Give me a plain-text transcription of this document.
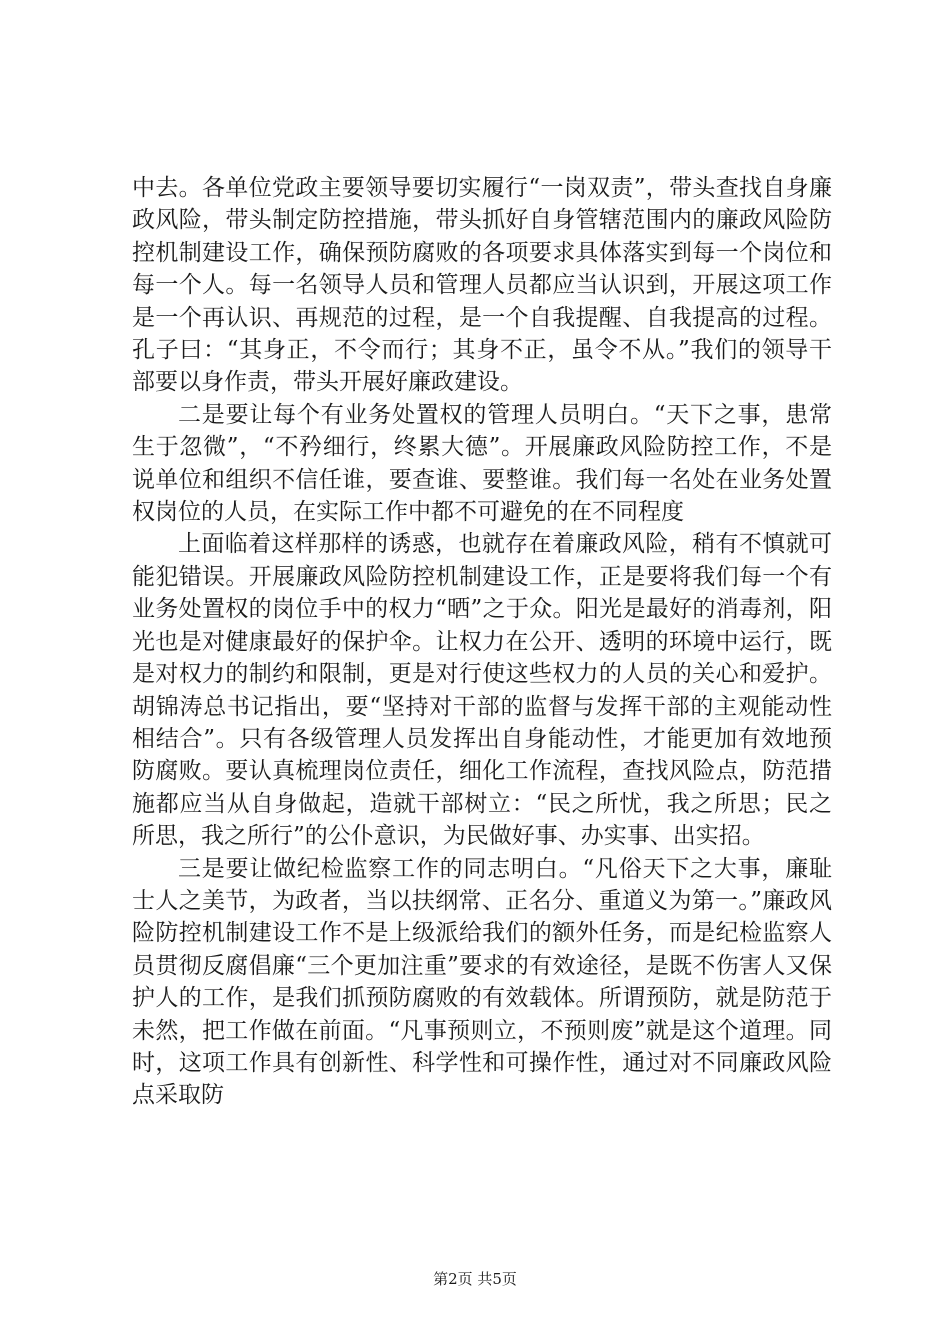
中去。各单位党政主要领导要切实履行“一岗双责”，带头查找自身廉政风险，带头制定防控措施，带头抓好自身管辖范围内的廉政风险防控机制建设工作，确保预防腐败的各项要求具体落实到每一个岗位和每一个人。每一名领导人员和管理人员都应当认识到，开展这项工作是一个再认识、再规范的过程，是一个自我提醒、自我提高的过程。孔子曰：“其身正，不令而行；其身不正，虽令不从。”我们的领导干部要以身作责，带头开展好廉政建设。

二是要让每个有业务处置权的管理人员明白。“天下之事，患常生于忽微”，“不矜细行，终累大德”。开展廉政风险防控工作，不是说单位和组织不信任谁，要查谁、要整谁。我们每一名处在业务处置权岗位的人员，在实际工作中都不可避免的在不同程度

上面临着这样那样的诱惑，也就存在着廉政风险，稍有不慎就可能犯错误。开展廉政风险防控机制建设工作，正是要将我们每一个有业务处置权的岗位手中的权力“晒”之于众。阳光是最好的消毒剂，阳光也是对健康最好的保护伞。让权力在公开、透明的环境中运行，既是对权力的制约和限制，更是对行使这些权力的人员的关心和爱护。胡锦涛总书记指出，要“坚持对干部的监督与发挥干部的主观能动性相结合”。只有各级管理人员发挥出自身能动性，才能更加有效地预防腐败。要认真梳理岗位责任，细化工作流程，查找风险点，防范措施都应当从自身做起，造就干部树立：“民之所忧，我之所思；民之所思，我之所行”的公仆意识，为民做好事、办实事、出实招。

三是要让做纪检监察工作的同志明白。“凡俗天下之大事，廉耻士人之美节，为政者，当以扶纲常、正名分、重道义为第一。”廉政风险防控机制建设工作不是上级派给我们的额外任务，而是纪检监察人员贯彻反腐倡廉“三个更加注重”要求的有效途径，是既不伤害人又保护人的工作，是我们抓预防腐败的有效载体。所谓预防，就是防范于未然，把工作做在前面。“凡事预则立，不预则废”就是这个道理。同时，这项工作具有创新性、科学性和可操作性，通过对不同廉政风险点采取防

第2页 共5页
